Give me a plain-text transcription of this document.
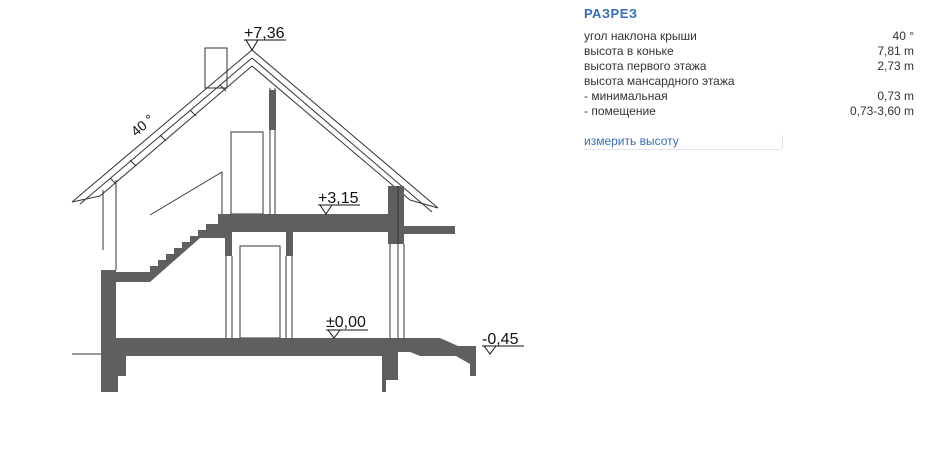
+7,36
+3,15
±0,00
-0,45
40 °
РАЗРЕЗ
угол наклона крыши	40 °
высота в коньке	7,81 m
высота первого этажа	2,73 m
высота мансардного этажа	
- минимальная	0,73 m
- помещение	0,73-3,60 m
измерить высоту
